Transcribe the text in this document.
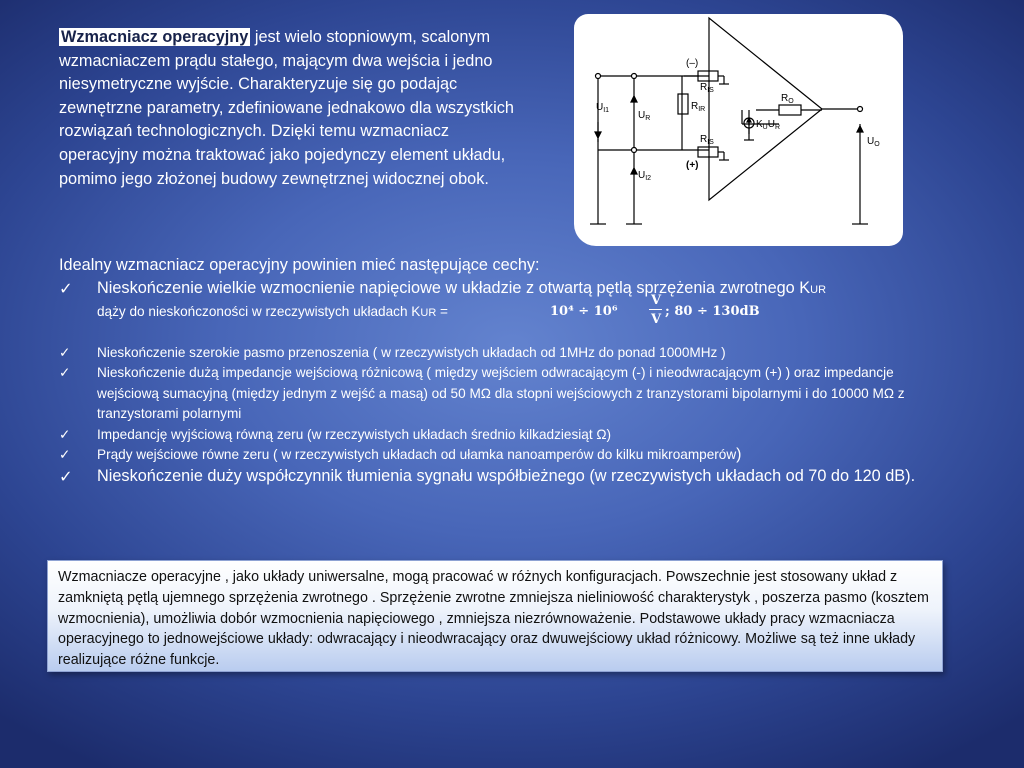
Wzmacniacz operacyjny jest wielo stopniowym, scalonym wzmacniaczem prądu stałego, mającym dwa wejścia i jedno niesymetryczne wyjście. Charakteryzuje się go podając zewnętrzne parametry, zdefiniowane jednakowo dla wszystkich rozwiązań technologicznych. Dzięki temu wzmacniacz operacyjny można traktować jako pojedynczy element układu, pomimo jego złożonej budowy zewnętrznej widocznej obok.

(–)
(+)
$R_{IS}$
$R_{IR}$
$R_{IS}$
$R_O$
$K_UU_R$
$U_{I1}$	$U_R$
$U_{I2}$
$U_O$

Idealny wzmacniacz operacyjny powinien mieć następujące cechy:

✓ Nieskończenie wielkie wzmocnienie napięciowe w układzie z otwartą pętlą sprzężenia zwrotnego KUR
dąży do nieskończoności w rzeczywistych układach KUR =
✓ Nieskończenie szerokie pasmo przenoszenia ( w rzeczywistych układach od 1MHz do ponad 1000MHz )
✓ Nieskończenie dużą impedancje wejściową różnicową ( między wejściem odwracającym (-) i nieodwracającym (+) ) oraz impedancje wejściową sumacyjną (między jednym z wejść a masą) od 50 MΩ dla stopni wejściowych z tranzystorami bipolarnymi i do 10000 MΩ z tranzystorami polarnymi
✓ Impedancję wyjściową równą zeru (w rzeczywistych układach średnio kilkadziesiąt Ω)
✓ Prądy wejściowe równe zeru ( w rzeczywistych układach od ułamka nanoamperów do kilku mikroamperów)
✓ Nieskończenie duży współczynnik tłumienia sygnału współbieżnego (w rzeczywistych układach od 70 do 120 dB).
10⁴ ÷ 10⁶
V
V
; 80 ÷ 130dB

Wzmacniacze operacyjne , jako układy uniwersalne, mogą pracować w różnych konfiguracjach. Powszechnie jest stosowany układ z zamkniętą pętlą ujemnego sprzężenia zwrotnego . Sprzężenie zwrotne zmniejsza nieliniowość charakterystyk , poszerza pasmo (kosztem wzmocnienia), umożliwia dobór wzmocnienia napięciowego , zmniejsza niezrównoważenie. Podstawowe układy pracy wzmacniacza operacyjnego to jednowejściowe układy: odwracający i nieodwracający oraz dwuwejściowy układ różnicowy. Możliwe są też inne układy realizujące różne funkcje.
